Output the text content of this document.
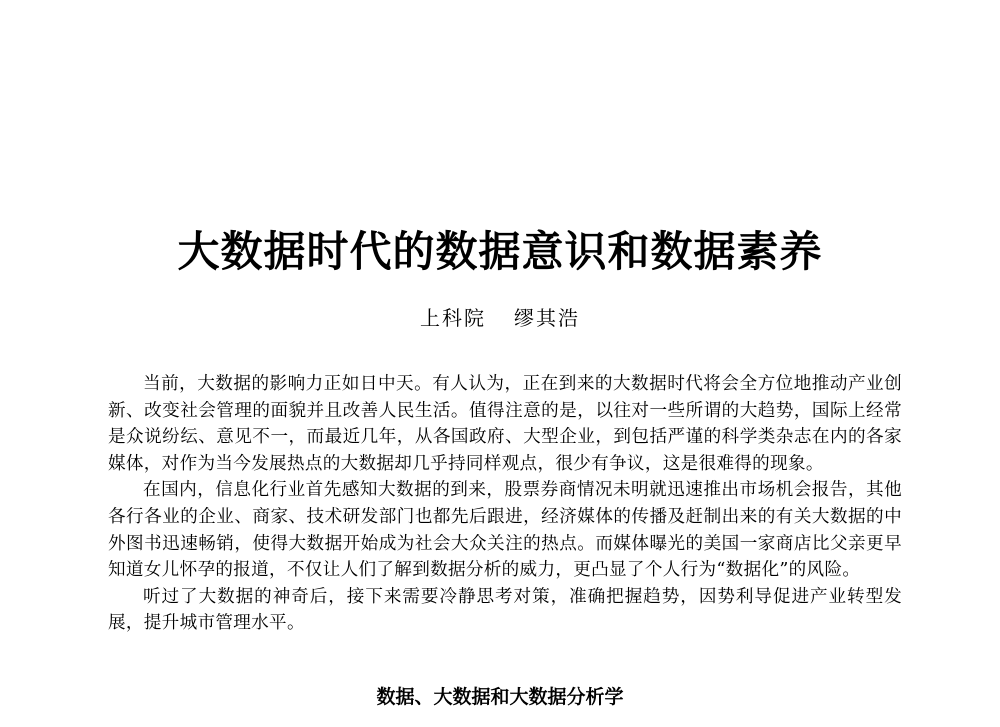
大数据时代的数据意识和数据素养
上科院 缪其浩

当前，大数据的影响力正如日中天。有人认为，正在到来的大数据时代将会全方位地推动产业创新、改变社会管理的面貌并且改善人民生活。值得注意的是，以往对一些所谓的大趋势，国际上经常是众说纷纭、意见不一，而最近几年，从各国政府、大型企业，到包括严谨的科学类杂志在内的各家媒体，对作为当今发展热点的大数据却几乎持同样观点，很少有争议，这是很难得的现象。

在国内，信息化行业首先感知大数据的到来，股票券商情况未明就迅速推出市场机会报告，其他各行各业的企业、商家、技术研发部门也都先后跟进，经济媒体的传播及赶制出来的有关大数据的中外图书迅速畅销，使得大数据开始成为社会大众关注的热点。而媒体曝光的美国一家商店比父亲更早知道女儿怀孕的报道，不仅让人们了解到数据分析的威力，更凸显了个人行为“数据化”的风险。

听过了大数据的神奇后，接下来需要冷静思考对策，准确把握趋势，因势利导促进产业转型发展，提升城市管理水平。

数据、大数据和大数据分析学
